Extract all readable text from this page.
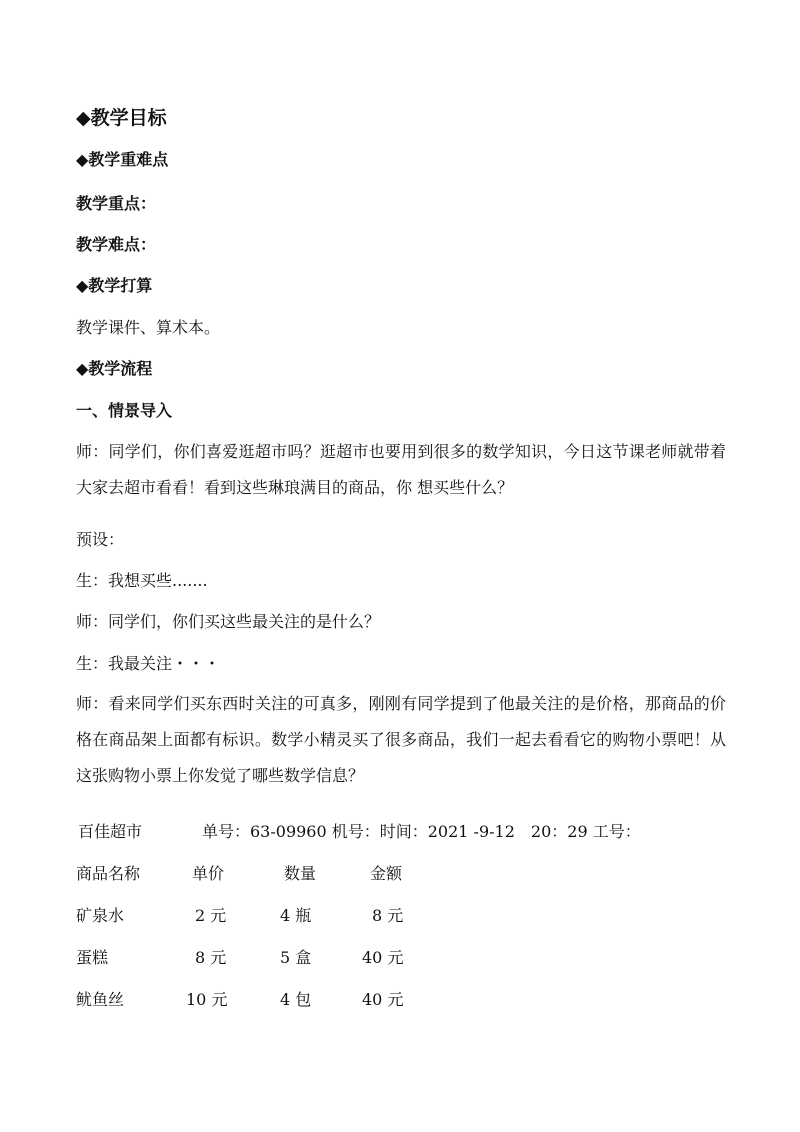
◆教学目标
◆教学重难点
教学重点：
教学难点：
◆教学打算
教学课件、算术本。
◆教学流程
一、情景导入
师：同学们，你们喜爱逛超市吗？逛超市也要用到很多的数学知识，今日这节课老师就带着大家去超市看看！看到这些琳琅满目的商品，你 想买些什么？
预设：
生：我想买些.......
师：同学们，你们买这些最关注的是什么？
生：我最关注・・・
师：看来同学们买东西时关注的可真多，刚刚有同学提到了他最关注的是价格，那商品的价格在商品架上面都有标识。数学小精灵买了很多商品，我们一起去看看它的购物小票吧！从这张购物小票上你发觉了哪些数学信息？
百佳超市	单号：63-09960 机号：时间：2021 -9-12　20：29 工号：
商品名称	单价	数量	金额
矿泉水	2 元	4 瓶	8 元
蛋糕	8 元	5 盒	40 元
鱿鱼丝	10 元	4 包	40 元
